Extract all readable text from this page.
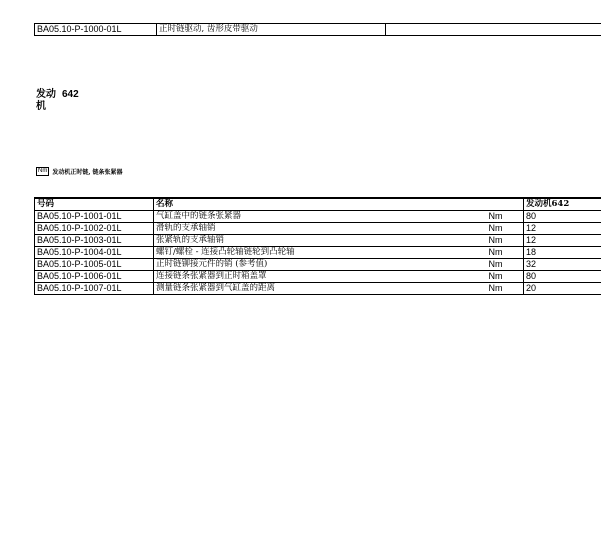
BA05.10-P-1000-01L	正时链驱动, 齿形皮带驱动	
发动 642
机
Nm 发动机正时链, 链条张紧器
号码	名称		发动机642
BA05.10-P-1001-01L	气缸盖中的链条张紧器	Nm	80
BA05.10-P-1002-01L	滑轨的支承轴销	Nm	12
BA05.10-P-1003-01L	张紧轨的支承轴销	Nm	12
BA05.10-P-1004-01L	螺钉/螺栓 - 连接凸轮轴链轮到凸轮轴	Nm	18
BA05.10-P-1005-01L	正时链铆接元件的销 (参考值)	Nm	32
BA05.10-P-1006-01L	连接链条张紧器到正时箱盖罩	Nm	80
BA05.10-P-1007-01L	测量链条张紧器到气缸盖的距离	Nm	20
